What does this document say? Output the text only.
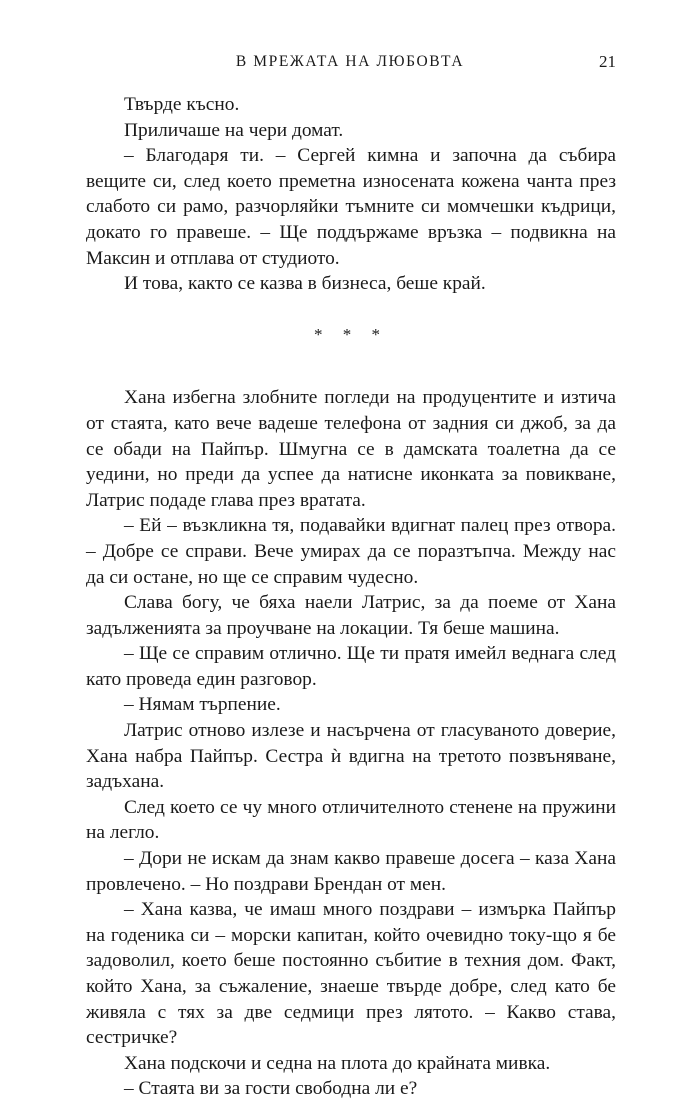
В МРЕЖАТА НА ЛЮБОВТА	21

Твърде късно.

Приличаше на чери домат.

– Благодаря ти. – Сергей кимна и започна да събира вещите си, след което преметна износената кожена чанта през слабото си рамо, разчорляйки тъмните си момчешки къдрици, докато го правеше. – Ще поддържаме връзка – подвикна на Максин и отплава от студиото.

И това, както се казва в бизнеса, беше край.

* * *

Хана избегна злобните погледи на продуцентите и изтича от стаята, като вече вадеше телефона от задния си джоб, за да се обади на Пайпър. Шмугна се в дамската тоалетна да се уедини, но преди да успее да натисне иконката за повикване, Латрис подаде глава през вратата.

– Ей – възкликна тя, подавайки вдигнат палец през отвора. – Добре се справи. Вече умирах да се поразтъпча. Между нас да си остане, но ще се справим чудесно.

Слава богу, че бяха наели Латрис, за да поеме от Хана задълженията за проучване на локации. Тя беше машина.

– Ще се справим отлично. Ще ти пратя имейл веднага след като проведа един разговор.

– Нямам търпение.

Латрис отново излезе и насърчена от гласуваното доверие, Хана набра Пайпър. Сестра ѝ вдигна на третото позвъняване, задъхана.

След което се чу много отличителното стенене на пружини на легло.

– Дори не искам да знам какво правеше досега – каза Хана провлечено. – Но поздрави Брендан от мен.

– Хана казва, че имаш много поздрави – измърка Пайпър на годеника си – морски капитан, който очевидно току-що я бе задоволил, което беше постоянно събитие в техния дом. Факт, който Хана, за съжаление, знаеше твърде добре, след като бе живяла с тях за две седмици през лятото. – Какво става, сестричке?

Хана подскочи и седна на плота до крайната мивка.

– Стаята ви за гости свободна ли е?
